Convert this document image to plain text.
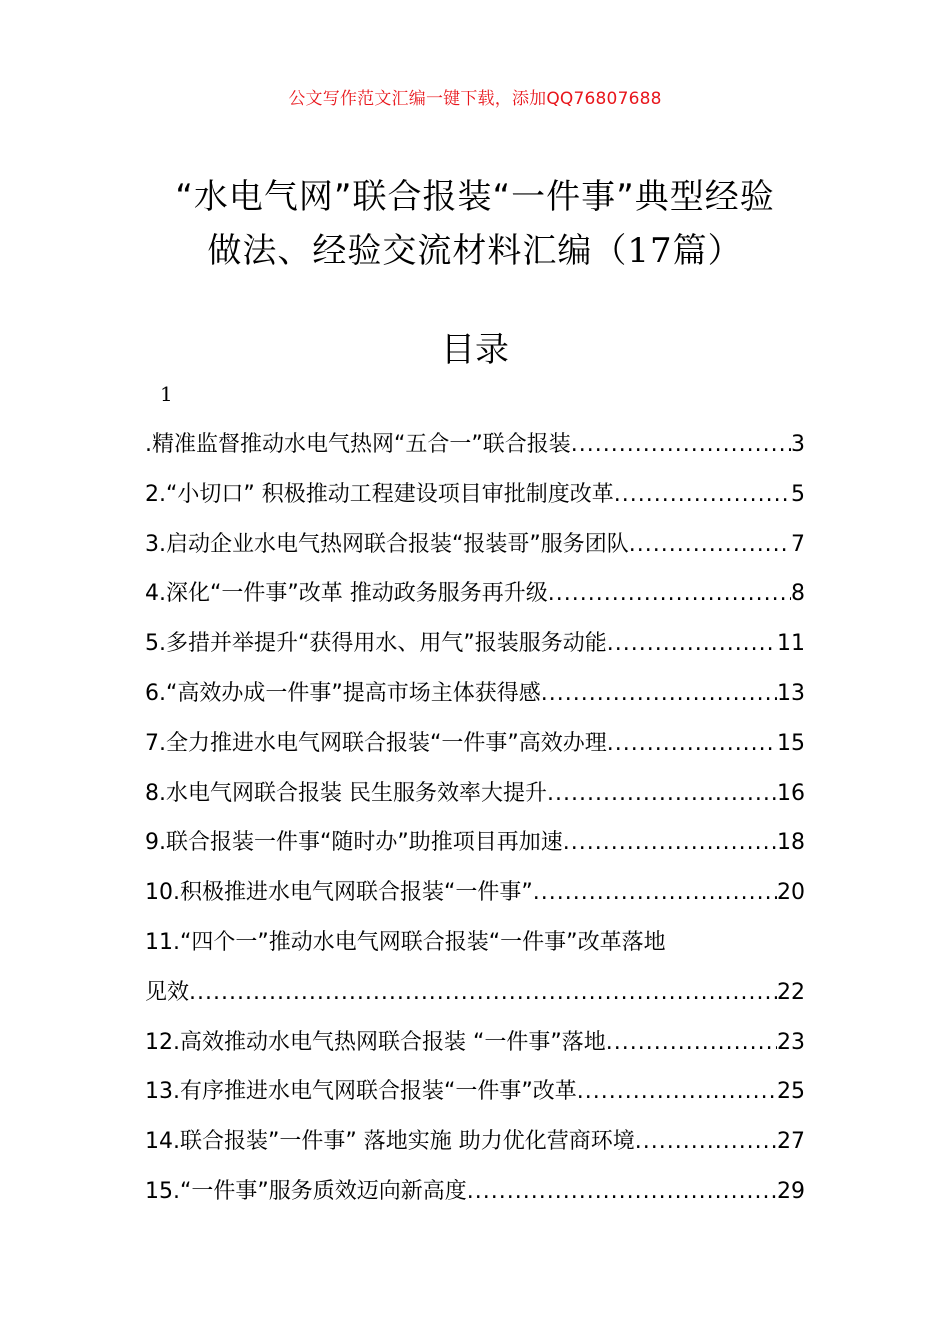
公文写作范文汇编一键下载，添加QQ76807688
“水电气网”联合报装“一件事”典型经验
做法、经验交流材料汇编（17篇）
目录
1
.精准监督推动水电气热网“五合一”联合报装 .....	3
2.“小切口” 积极推动工程建设项目审批制度改革 .....	5
3.启动企业水电气热网联合报装“报装哥”服务团队 .....	7
4.深化“一件事”改革 推动政务服务再升级 .....	8
5.多措并举提升“获得用水、用气”报装服务动能 .....	11
6.“高效办成一件事”提高市场主体获得感 .....	13
7.全力推进水电气网联合报装“一件事”高效办理 .....	15
8.水电气网联合报装 民生服务效率大提升 .....	16
9.联合报装一件事“随时办”助推项目再加速 .....	18
10.积极推进水电气网联合报装“一件事” .....	20
11.“四个一”推动水电气网联合报装“一件事”改革落地
见效 .....	22
12.高效推动水电气热网联合报装 “一件事”落地 .....	23
13.有序推进水电气网联合报装“一件事”改革 .....	25
14.联合报装”一件事” 落地实施 助力优化营商环境 .....	27
15.“一件事”服务质效迈向新高度 .....	29
